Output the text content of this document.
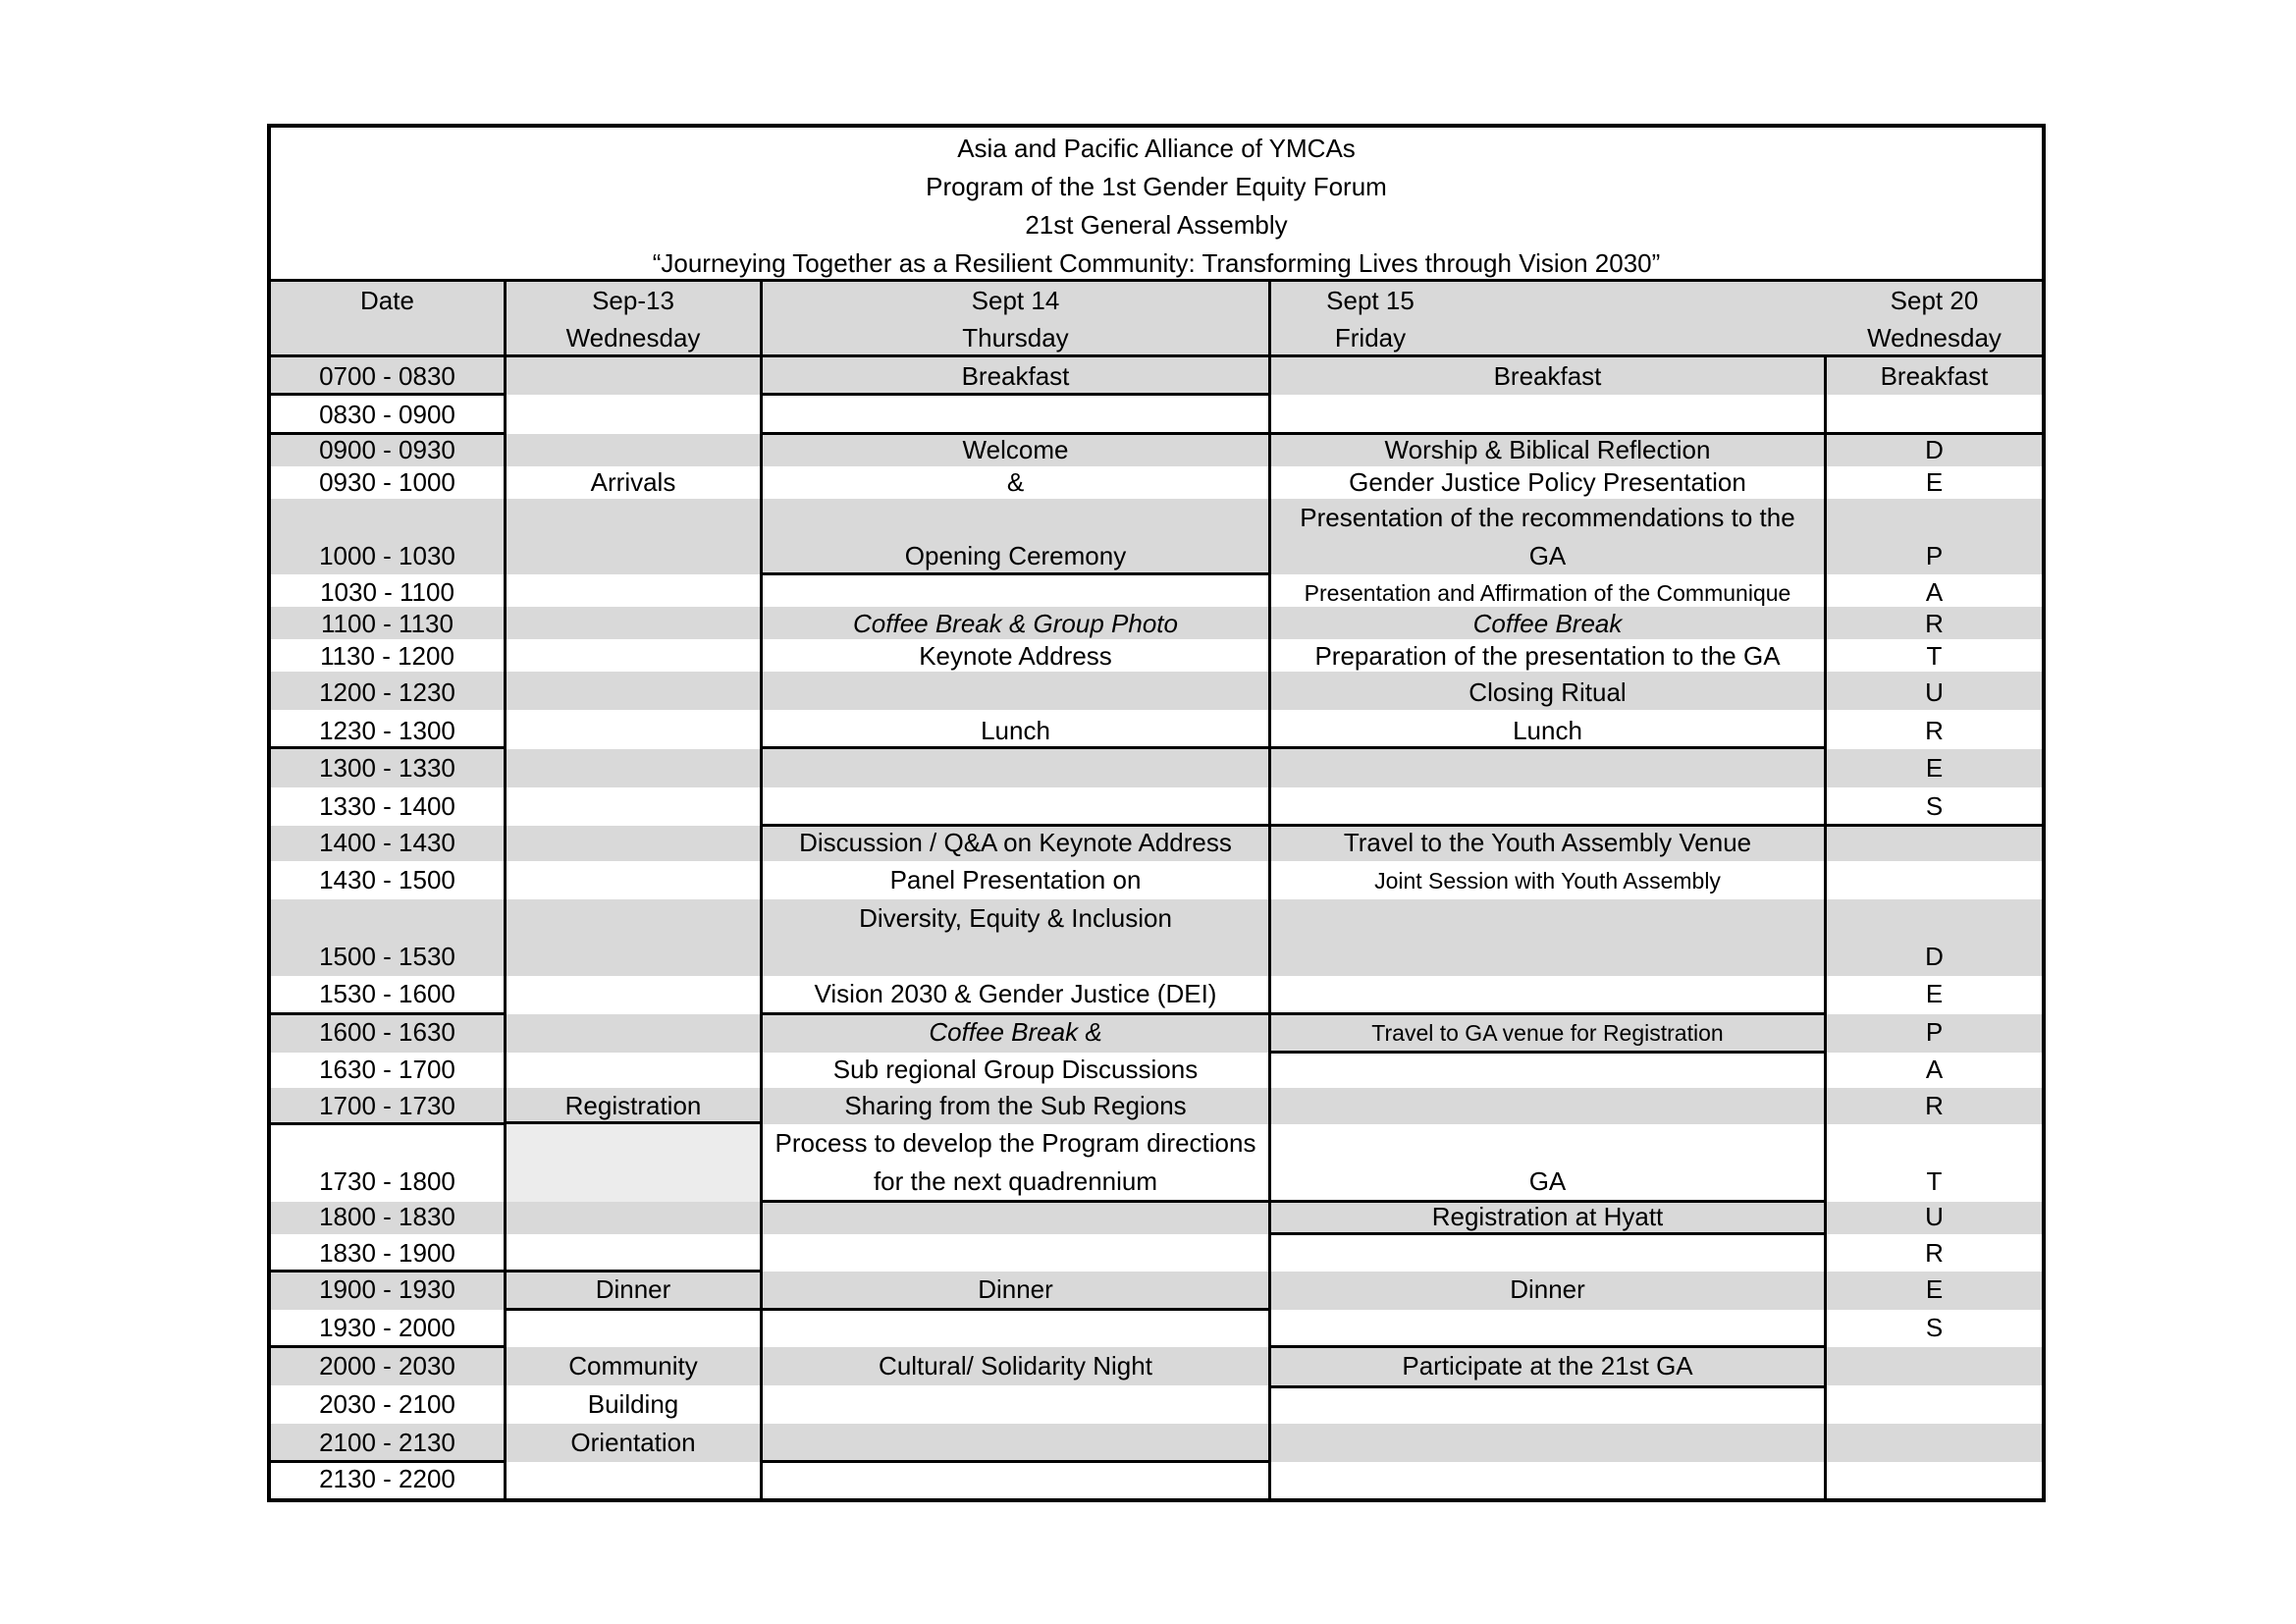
Asia and Pacific Alliance of YMCAs
Program of the 1st Gender Equity Forum
21st General Assembly
“Journeying Together as a Resilient Community: Transforming Lives through Vision 2030”
Date	Sep-13
Wednesday
Sept 14
Thursday
Sept 15
Friday
Sept 20
Wednesday
0700 - 0830
0830 - 0900
0900 - 0930
0930 - 1000
1000 - 1030
1030 - 1100
1100 - 1130
1130 - 1200
1200 - 1230
1230 - 1300
1300 - 1330
1330 - 1400
1400 - 1430
1430 - 1500
1500 - 1530
1530 - 1600
1600 - 1630
1630 - 1700
1700 - 1730
1730 - 1800
1800 - 1830
1830 - 1900
1900 - 1930
1930 - 2000
2000 - 2030
2030 - 2100
2100 - 2130
2130 - 2200
Arrivals
Registration
Dinner
Community
Building
Orientation
Breakfast
Welcome
&
Opening Ceremony
Coffee Break & Group Photo
Keynote Address
Lunch
Discussion / Q&A on Keynote Address
Panel Presentation on
Diversity, Equity & Inclusion
Vision 2030 & Gender Justice (DEI)
Coffee Break &
Sub regional Group Discussions
Sharing from the Sub Regions
Process to develop the Program directions
for the next quadrennium
Dinner
Cultural/ Solidarity Night
Breakfast
Worship & Biblical Reflection
Gender Justice Policy Presentation
Presentation of the recommendations to the
GA
Presentation and Affirmation of the Communique
Coffee Break
Preparation of the presentation to the GA
Closing Ritual
Lunch
Travel to the Youth Assembly Venue
Joint Session with Youth Assembly
Travel to GA venue for Registration
GA
Registration at Hyatt
Dinner
Participate at the 21st GA
Breakfast
D
E
P
A
R
T
U
R
E
S
D
E
P
A
R
T
U
R
E
S
